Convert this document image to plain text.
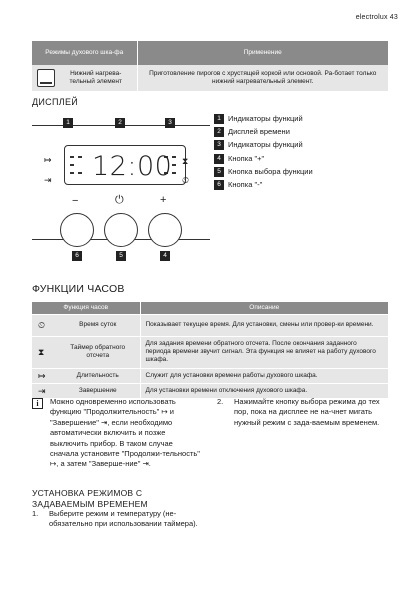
electrolux 43
Режимы духового шка-фа	Применение

Нижний нагрева-тельный элемент	Приготовление пирогов с хрустящей коркой или основой. Ра-ботает только нижний нагревательный элемент.
ДИСПЛЕЙ
1	2	3
12:00
↦
⇥
⧗
⏲
−	⏻	+
6	5	4
1 Индикаторы функций
2 Дисплей времени
3 Индикаторы функций
4 Кнопка "+"
5 Кнопка выбора функции
6 Кнопка "-"
ФУНКЦИИ ЧАСОВ
Функция часов	Описание

⏲ Время суток	Показывает текущее время. Для установки, смены или провер-ки времени.

⧗ Таймер обратного отсчета	Для задания времени обратного отсчета. После окончания заданного периода времени звучит сигнал. Эта функция не влияет на работу духового шкафа.

↦ Длительность	Служит для установки времени работы духового шкафа.

⇥ Завершение	Для установки времени отключения духового шкафа.
i	Можно одновременно использовать функцию "Продолжительность" ↦ и "Завершение" ⇥, если необходимо автоматически включить и позже выключить прибор. В таком случае сначала установите "Продолжи-тельность" ↦, а затем "Заверше-ние" ⇥.
2.	Нажимайте кнопку выбора режима до тех пор, пока на дисплее не на-чнет мигать нужный режим с зада-ваемым временем.
УСТАНОВКА РЕЖИМОВ С ЗАДАВАЕМЫМ ВРЕМЕНЕМ
1.	Выберите режим и температуру (не-обязательно при использовании таймера).
